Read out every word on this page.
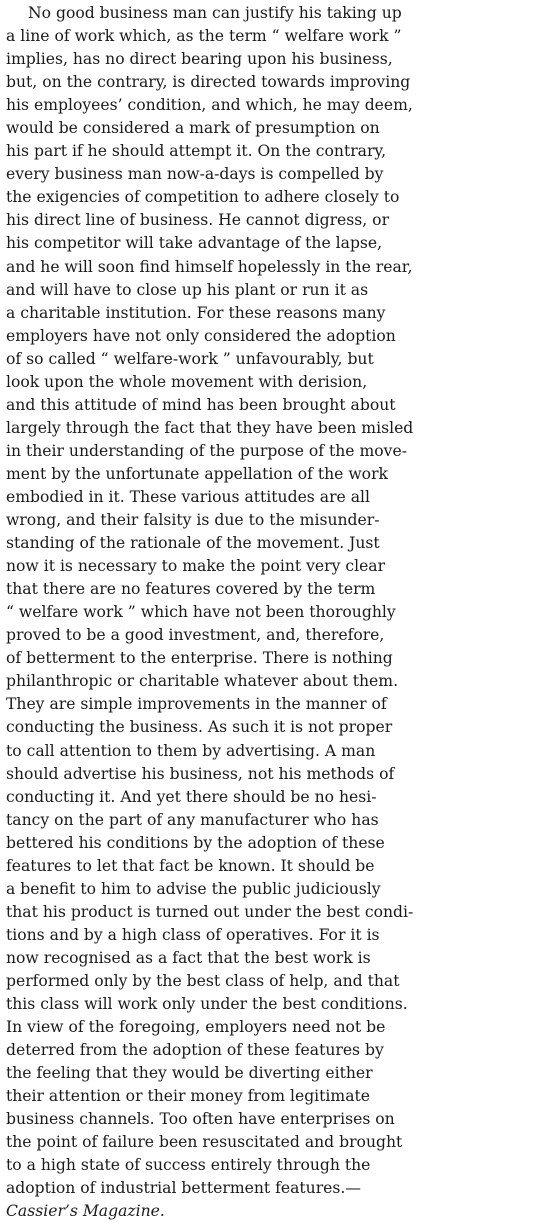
No good business man can justify his taking up
a line of work which, as the term “ welfare work ”
implies, has no direct bearing upon his business,
but, on the contrary, is directed towards improving
his employees’ condition, and which, he may deem,
would be considered a mark of presumption on
his part if he should attempt it. On the contrary,
every business man now-a-days is compelled by
the exigencies of competition to adhere closely to
his direct line of business. He cannot digress, or
his competitor will take advantage of the lapse,
and he will soon find himself hopelessly in the rear,
and will have to close up his plant or run it as
a charitable institution. For these reasons many
employers have not only considered the adoption
of so called “ welfare-work ” unfavourably, but
look upon the whole movement with derision,
and this attitude of mind has been brought about
largely through the fact that they have been misled
in their understanding of the purpose of the move-
ment by the unfortunate appellation of the work
embodied in it. These various attitudes are all
wrong, and their falsity is due to the misunder-
standing of the rationale of the movement. Just
now it is necessary to make the point very clear
that there are no features covered by the term
“ welfare work ” which have not been thoroughly
proved to be a good investment, and, therefore,
of betterment to the enterprise. There is nothing
philanthropic or charitable whatever about them.
They are simple improvements in the manner of
conducting the business. As such it is not proper
to call attention to them by advertising. A man
should advertise his business, not his methods of
conducting it. And yet there should be no hesi-
tancy on the part of any manufacturer who has
bettered his conditions by the adoption of these
features to let that fact be known. It should be
a benefit to him to advise the public judiciously
that his product is turned out under the best condi-
tions and by a high class of operatives. For it is
now recognised as a fact that the best work is
performed only by the best class of help, and that
this class will work only under the best conditions.
In view of the foregoing, employers need not be
deterred from the adoption of these features by
the feeling that they would be diverting either
their attention or their money from legitimate
business channels. Too often have enterprises on
the point of failure been resuscitated and brought
to a high state of success entirely through the
adoption of industrial betterment features.—
Cassier’s Magazine.
